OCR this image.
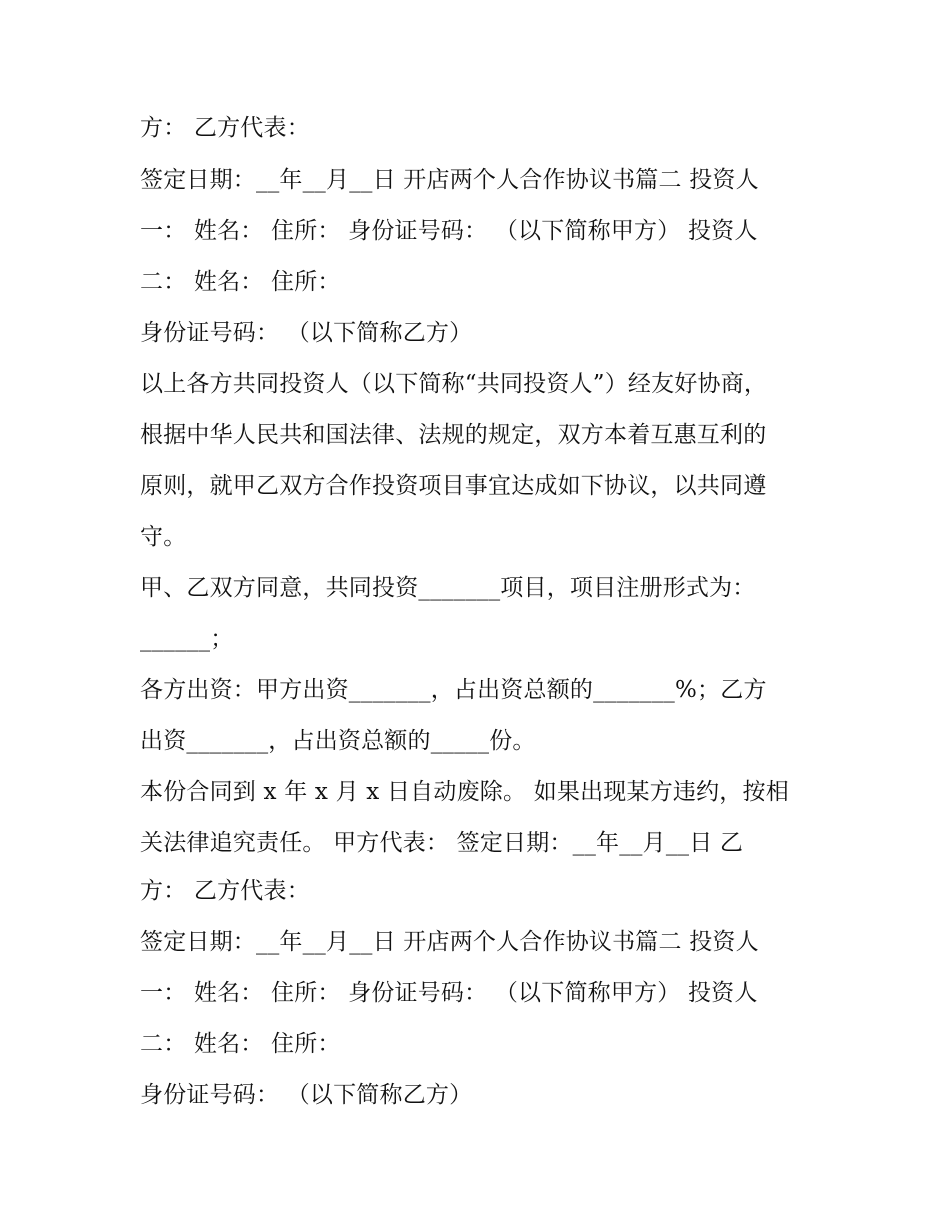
方： 乙方代表：
签定日期：__年__月__日 开店两个人合作协议书篇二 投资人
一： 姓名： 住所： 身份证号码： （以下简称甲方） 投资人
二： 姓名： 住所：
身份证号码： （以下简称乙方）
以上各方共同投资人（以下简称“共同投资人”）经友好协商，
根据中华人民共和国法律、法规的规定，双方本着互惠互利的
原则，就甲乙双方合作投资项目事宜达成如下协议，以共同遵
守。
甲、乙双方同意，共同投资_______项目，项目注册形式为：
______；
各方出资：甲方出资_______，占出资总额的_______%；乙方
出资_______，占出资总额的_____份。
本份合同到 x 年 x 月 x 日自动废除。 如果出现某方违约，按相
关法律追究责任。 甲方代表： 签定日期：__年__月__日 乙
方： 乙方代表：
签定日期：__年__月__日 开店两个人合作协议书篇二 投资人
一： 姓名： 住所： 身份证号码： （以下简称甲方） 投资人
二： 姓名： 住所：
身份证号码： （以下简称乙方）
